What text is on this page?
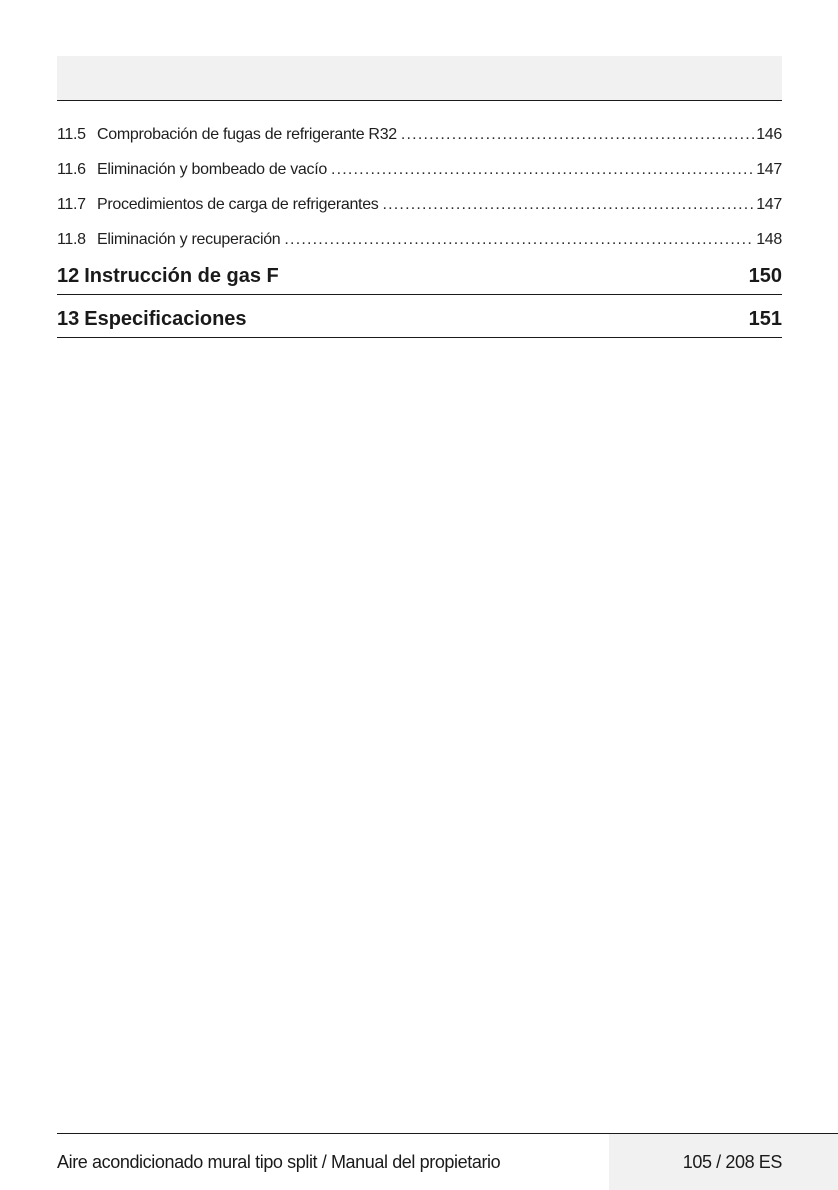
11.5 Comprobación de fugas de refrigerante R32 .....	146
11.6 Eliminación y bombeado de vacío .....	147
11.7 Procedimientos de carga de refrigerantes .....	147
11.8 Eliminación y recuperación .....	148
12 Instrucción de gas F	150
13 Especificaciones	151
Aire acondicionado mural tipo split / Manual del propietario	105 / 208 ES
